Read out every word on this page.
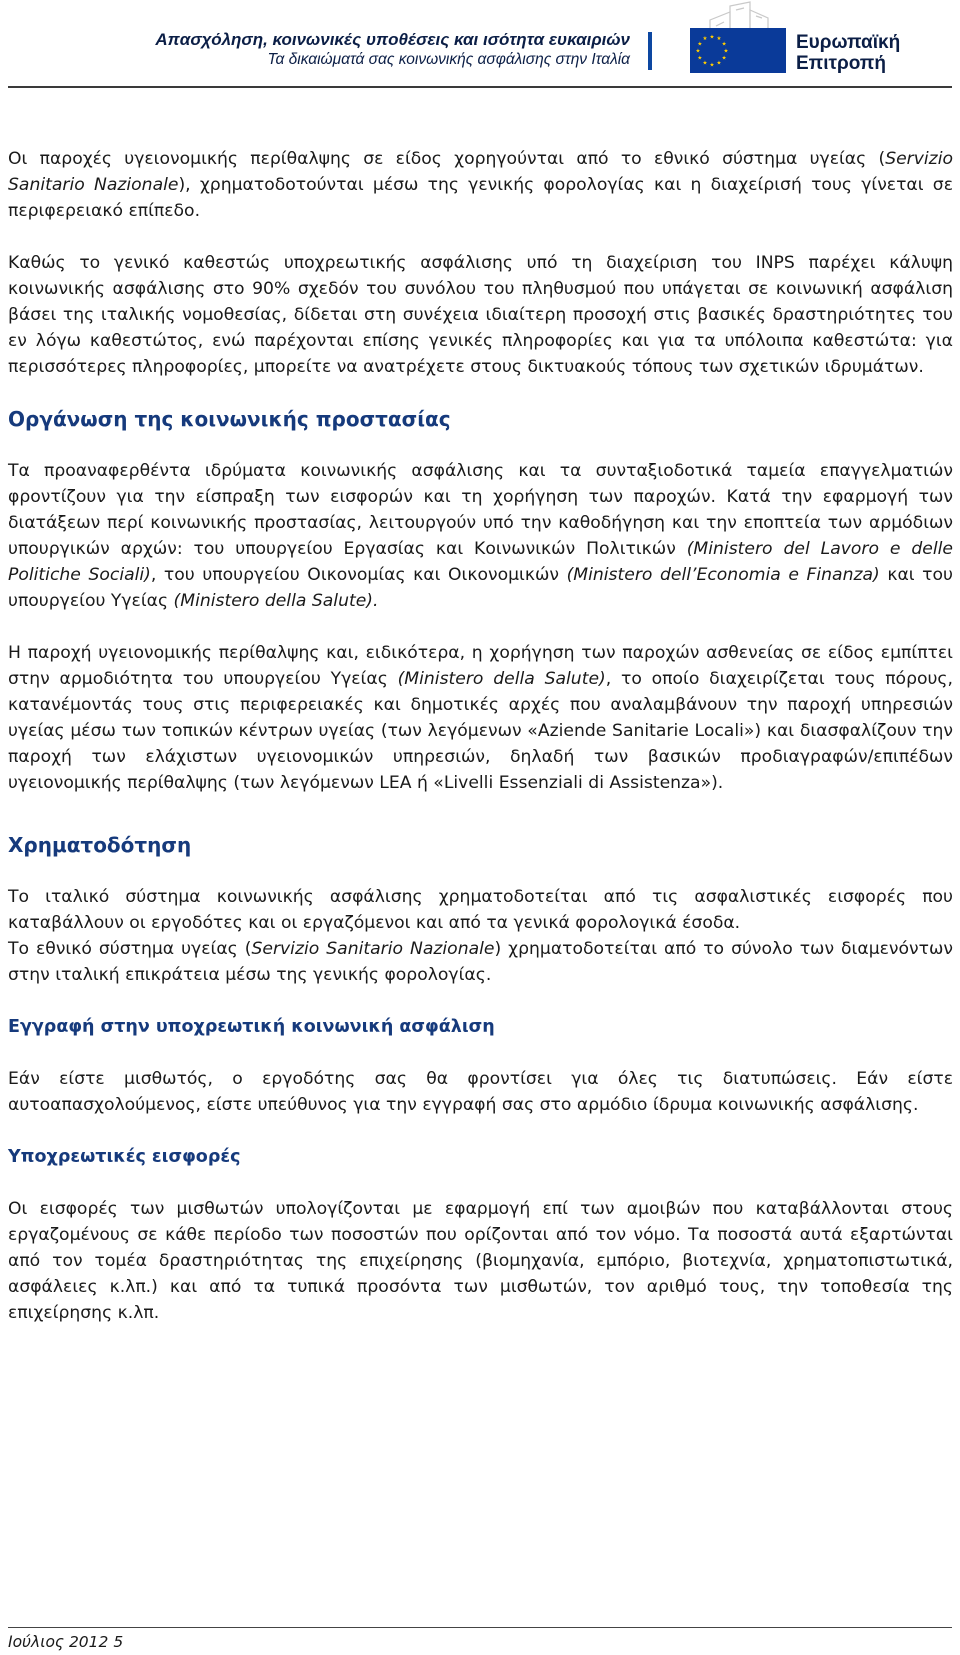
Απασχόληση, κοινωνικές υποθέσεις και ισότητα ευκαιριών
Τα δικαιώματά σας κοινωνικής ασφάλισης στην Ιταλία
★ ★
★
★
★
★
★
★
★
★
★
★	Ευρωπαϊκή
Επιτροπή

Οι παροχές υγειονομικής περίθαλψης σε είδος χορηγούνται από το εθνικό σύστημα υγείας (Servizio Sanitario Nazionale), χρηματοδοτούνται μέσω της γενικής φορολογίας και η διαχείρισή τους γίνεται σε περιφερειακό επίπεδο.

Καθώς το γενικό καθεστώς υποχρεωτικής ασφάλισης υπό τη διαχείριση του INPS παρέχει κάλυψη κοινωνικής ασφάλισης στο 90% σχεδόν του συνόλου του πληθυσμού που υπάγεται σε κοινωνική ασφάλιση βάσει της ιταλικής νομοθεσίας, δίδεται στη συνέχεια ιδιαίτερη προσοχή στις βασικές δραστηριότητες του εν λόγω καθεστώτος, ενώ παρέχονται επίσης γενικές πληροφορίες και για τα υπόλοιπα καθεστώτα: για περισσότερες πληροφορίες, μπορείτε να ανατρέχετε στους δικτυακούς τόπους των σχετικών ιδρυμάτων.

Οργάνωση της κοινωνικής προστασίας

Τα προαναφερθέντα ιδρύματα κοινωνικής ασφάλισης και τα συνταξιοδοτικά ταμεία επαγγελματιών φροντίζουν για την είσπραξη των εισφορών και τη χορήγηση των παροχών. Κατά την εφαρμογή των διατάξεων περί κοινωνικής προστασίας, λειτουργούν υπό την καθοδήγηση και την εποπτεία των αρμόδιων υπουργικών αρχών: του υπουργείου Εργασίας και Κοινωνικών Πολιτικών (Ministero del Lavoro e delle Politiche Sociali), του υπουργείου Οικονομίας και Οικονομικών (Ministero dell’Economia e Finanza) και του υπουργείου Υγείας (Ministero della Salute).

Η παροχή υγειονομικής περίθαλψης και, ειδικότερα, η χορήγηση των παροχών ασθενείας σε είδος εμπίπτει στην αρμοδιότητα του υπουργείου Υγείας (Ministero della Salute), το οποίο διαχειρίζεται τους πόρους, κατανέμοντάς τους στις περιφερειακές και δημοτικές αρχές που αναλαμβάνουν την παροχή υπηρεσιών υγείας μέσω των τοπικών κέντρων υγείας (των λεγόμενων «Aziende Sanitarie Locali») και διασφαλίζουν την παροχή των ελάχιστων υγειονομικών υπηρεσιών, δηλαδή των βασικών προδιαγραφών/επιπέδων υγειονομικής περίθαλψης (των λεγόμενων LEA ή «Livelli Essenziali di Assistenza»).

Χρηματοδότηση

Το ιταλικό σύστημα κοινωνικής ασφάλισης χρηματοδοτείται από τις ασφαλιστικές εισφορές που καταβάλλουν οι εργοδότες και οι εργαζόμενοι και από τα γενικά φορολογικά έσοδα.

Το εθνικό σύστημα υγείας (Servizio Sanitario Nazionale) χρηματοδοτείται από το σύνολο των διαμενόντων στην ιταλική επικράτεια μέσω της γενικής φορολογίας.

Εγγραφή στην υποχρεωτική κοινωνική ασφάλιση

Εάν είστε μισθωτός, ο εργοδότης σας θα φροντίσει για όλες τις διατυπώσεις. Εάν είστε αυτοαπασχολούμενος, είστε υπεύθυνος για την εγγραφή σας στο αρμόδιο ίδρυμα κοινωνικής ασφάλισης.

Υποχρεωτικές εισφορές

Οι εισφορές των μισθωτών υπολογίζονται με εφαρμογή επί των αμοιβών που καταβάλλονται στους εργαζομένους σε κάθε περίοδο των ποσοστών που ορίζονται από τον νόμο. Τα ποσοστά αυτά εξαρτώνται από τον τομέα δραστηριότητας της επιχείρησης (βιομηχανία, εμπόριο, βιοτεχνία, χρηματοπιστωτικά, ασφάλειες κ.λπ.) και από τα τυπικά προσόντα των μισθωτών, τον αριθμό τους, την τοποθεσία της επιχείρησης κ.λπ.

Ιούλιος 2012 5
